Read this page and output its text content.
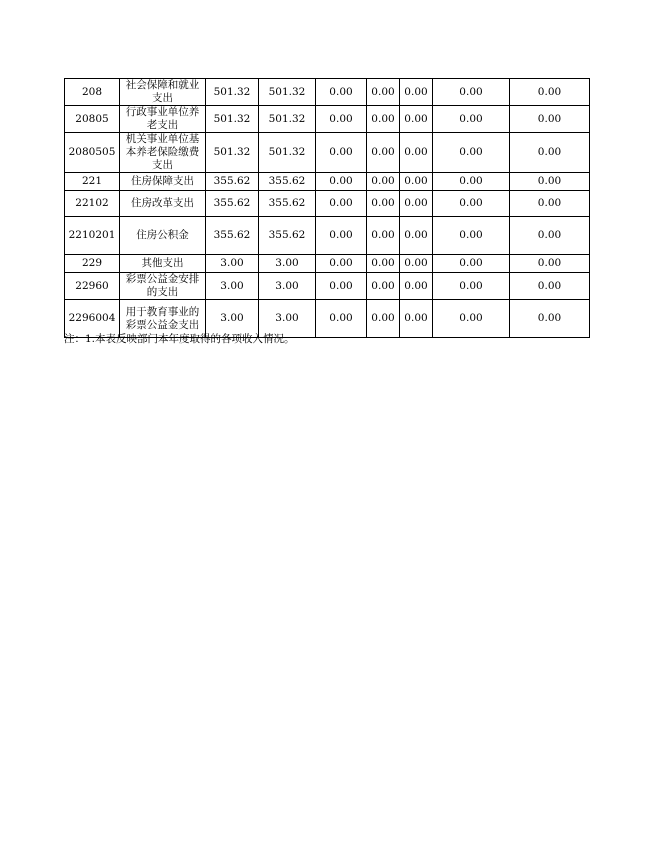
208	社会保障和就业支出	501.32	501.32	0.00	0.00	0.00	0.00	0.00
20805	行政事业单位养老支出	501.32	501.32	0.00	0.00	0.00	0.00	0.00
2080505	机关事业单位基本养老保险缴费支出	501.32	501.32	0.00	0.00	0.00	0.00	0.00
221	住房保障支出	355.62	355.62	0.00	0.00	0.00	0.00	0.00
22102	住房改革支出	355.62	355.62	0.00	0.00	0.00	0.00	0.00
2210201	住房公积金	355.62	355.62	0.00	0.00	0.00	0.00	0.00
229	其他支出	3.00	3.00	0.00	0.00	0.00	0.00	0.00
22960	彩票公益金安排的支出	3.00	3.00	0.00	0.00	0.00	0.00	0.00
2296004	用于教育事业的彩票公益金支出	3.00	3.00	0.00	0.00	0.00	0.00	0.00
注：1.本表反映部门本年度取得的各项收入情况。
